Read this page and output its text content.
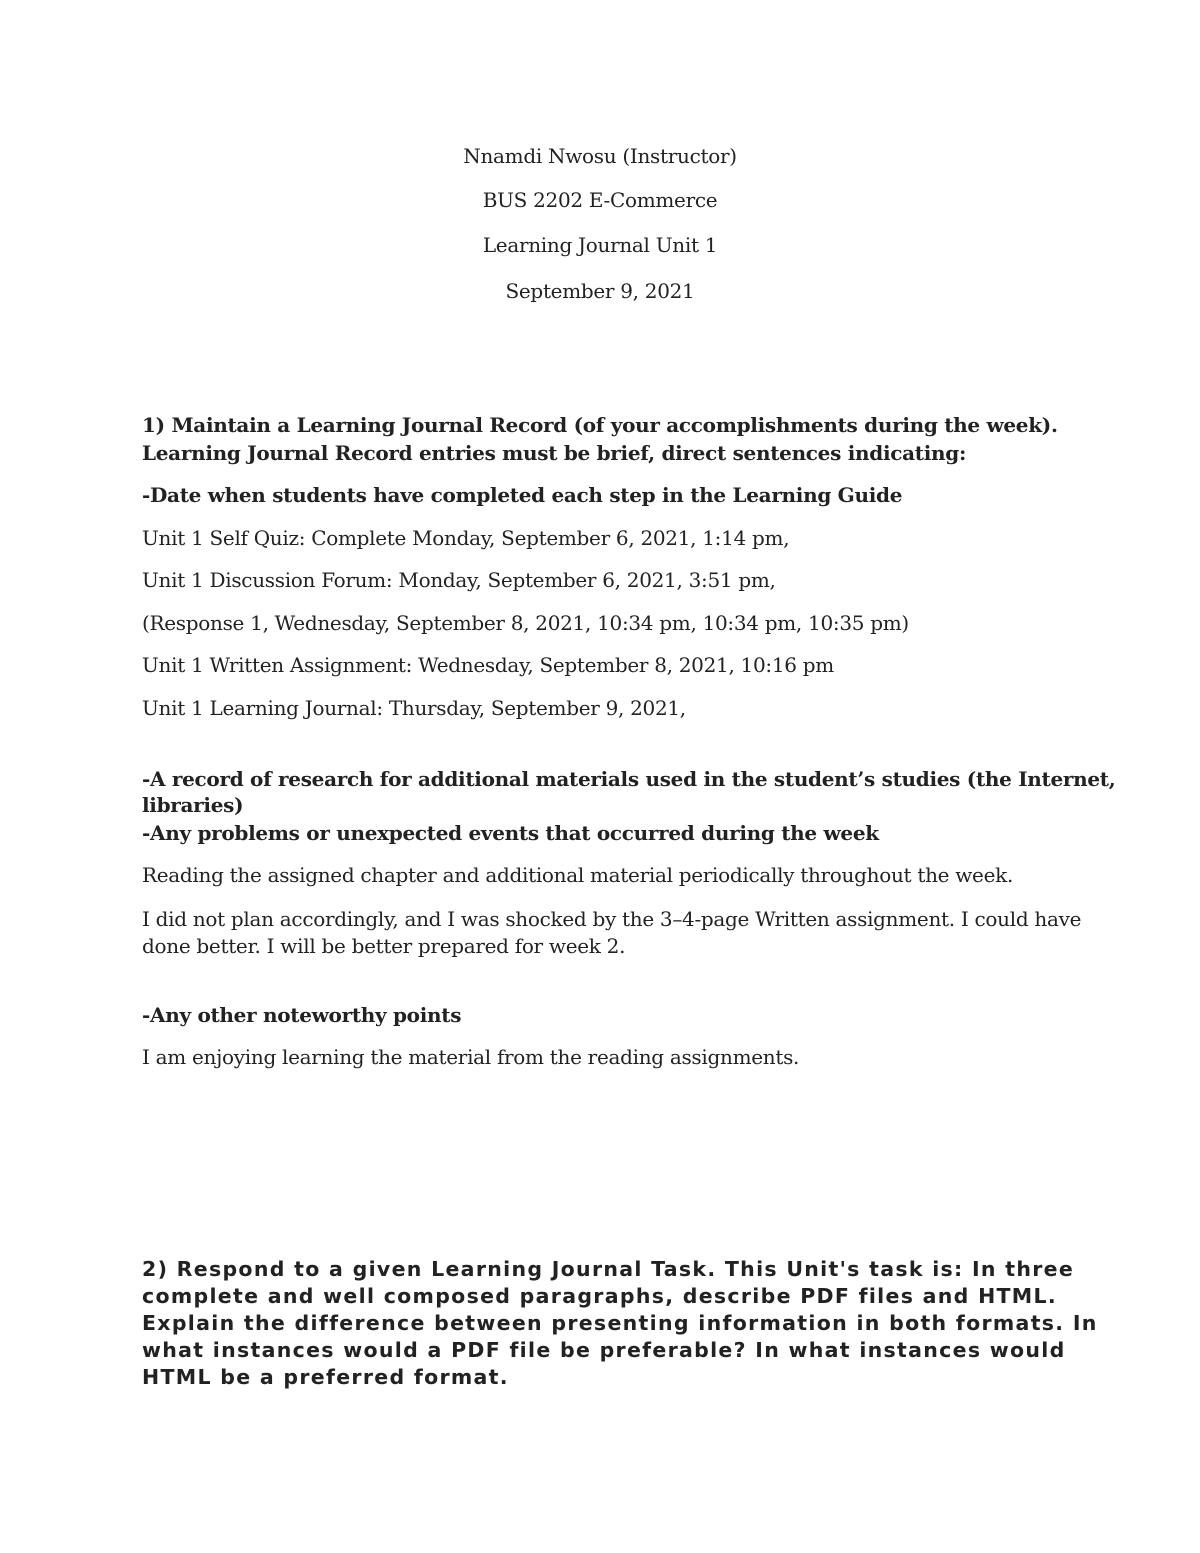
Nnamdi Nwosu (Instructor)
BUS 2202 E-Commerce
Learning Journal Unit 1
September 9, 2021
1) Maintain a Learning Journal Record (of your accomplishments during the week).
Learning Journal Record entries must be brief, direct sentences indicating:
-Date when students have completed each step in the Learning Guide
Unit 1 Self Quiz: Complete Monday, September 6, 2021, 1:14 pm,
Unit 1 Discussion Forum: Monday, September 6, 2021, 3:51 pm,
(Response 1, Wednesday, September 8, 2021, 10:34 pm, 10:34 pm, 10:35 pm)
Unit 1 Written Assignment: Wednesday, September 8, 2021, 10:16 pm
Unit 1 Learning Journal: Thursday, September 9, 2021,
-A record of research for additional materials used in the student’s studies (the Internet,
libraries)
-Any problems or unexpected events that occurred during the week
Reading the assigned chapter and additional material periodically throughout the week.
I did not plan accordingly, and I was shocked by the 3–4-page Written assignment. I could have
done better. I will be better prepared for week 2.
-Any other noteworthy points
I am enjoying learning the material from the reading assignments.
2) Respond to a given Learning Journal Task. This Unit's task is: In three
complete and well composed paragraphs, describe PDF files and HTML.
Explain the difference between presenting information in both formats. In
what instances would a PDF file be preferable? In what instances would
HTML be a preferred format.
